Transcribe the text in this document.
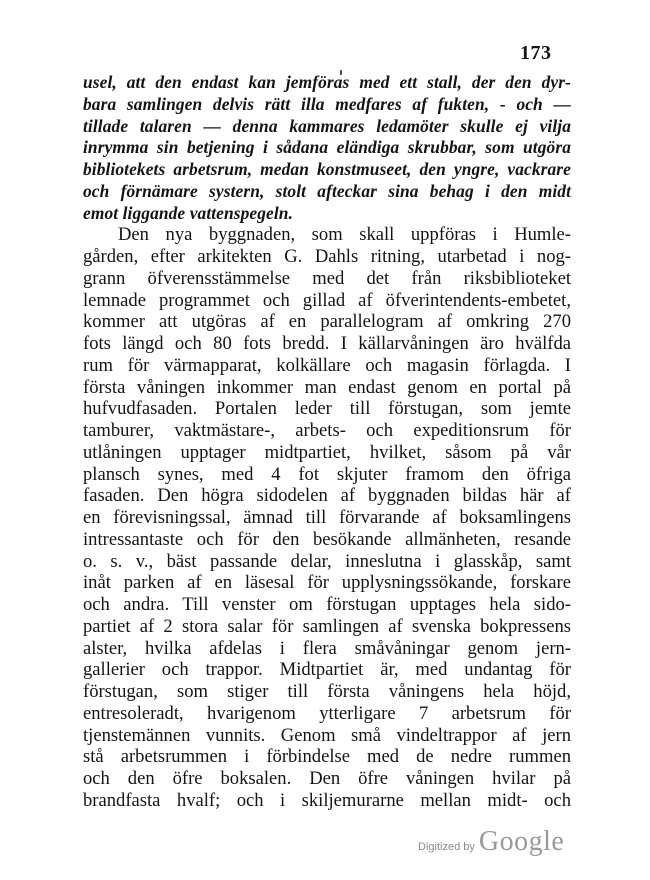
173
usel, att den endast kan jemföras med ett stall, der den dyr-
bara samlingen delvis rätt illa medfares af fukten, - och —
tillade talaren — denna kammares ledamöter skulle ej vilja
inrymma sin betjening i sådana eländiga skrubbar, som utgöra
bibliotekets arbetsrum, medan konstmuseet, den yngre, vackrare
och förnämare systern, stolt afteckar sina behag i den midt
emot liggande vattenspegeln.
Den nya byggnaden, som skall uppföras i Humle-
gården, efter arkitekten G. Dahls ritning, utarbetad i nog-
grann öfverensstämmelse med det från riksbiblioteket
lemnade programmet och gillad af öfverintendents-embetet,
kommer att utgöras af en parallelogram af omkring 270
fots längd och 80 fots bredd. I källarvåningen äro hvälfda
rum för värmapparat, kolkällare och magasin förlagda. I
första våningen inkommer man endast genom en portal på
hufvudfasaden. Portalen leder till förstugan, som jemte
tamburer, vaktmästare-, arbets- och expeditionsrum för
utlåningen upptager midtpartiet, hvilket, såsom på vår
plansch synes, med 4 fot skjuter framom den öfriga
fasaden. Den högra sidodelen af byggnaden bildas här af
en förevisningssal, ämnad till förvarande af boksamlingens
intressantaste och för den besökande allmänheten, resande
o. s. v., bäst passande delar, inneslutna i glasskåp, samt
inåt parken af en läsesal för upplysningssökande, forskare
och andra. Till venster om förstugan upptages hela sido-
partiet af 2 stora salar för samlingen af svenska bokpressens
alster, hvilka afdelas i flera småvåningar genom jern-
gallerier och trappor. Midtpartiet är, med undantag för
förstugan, som stiger till första våningens hela höjd,
entresoleradt, hvarigenom ytterligare 7 arbetsrum för
tjenstemännen vunnits. Genom små vindeltrappor af jern
stå arbetsrummen i förbindelse med de nedre rummen
och den öfre boksalen. Den öfre våningen hvilar på
brandfasta hvalf; och i skiljemurarne mellan midt- och
Digitized by Google
